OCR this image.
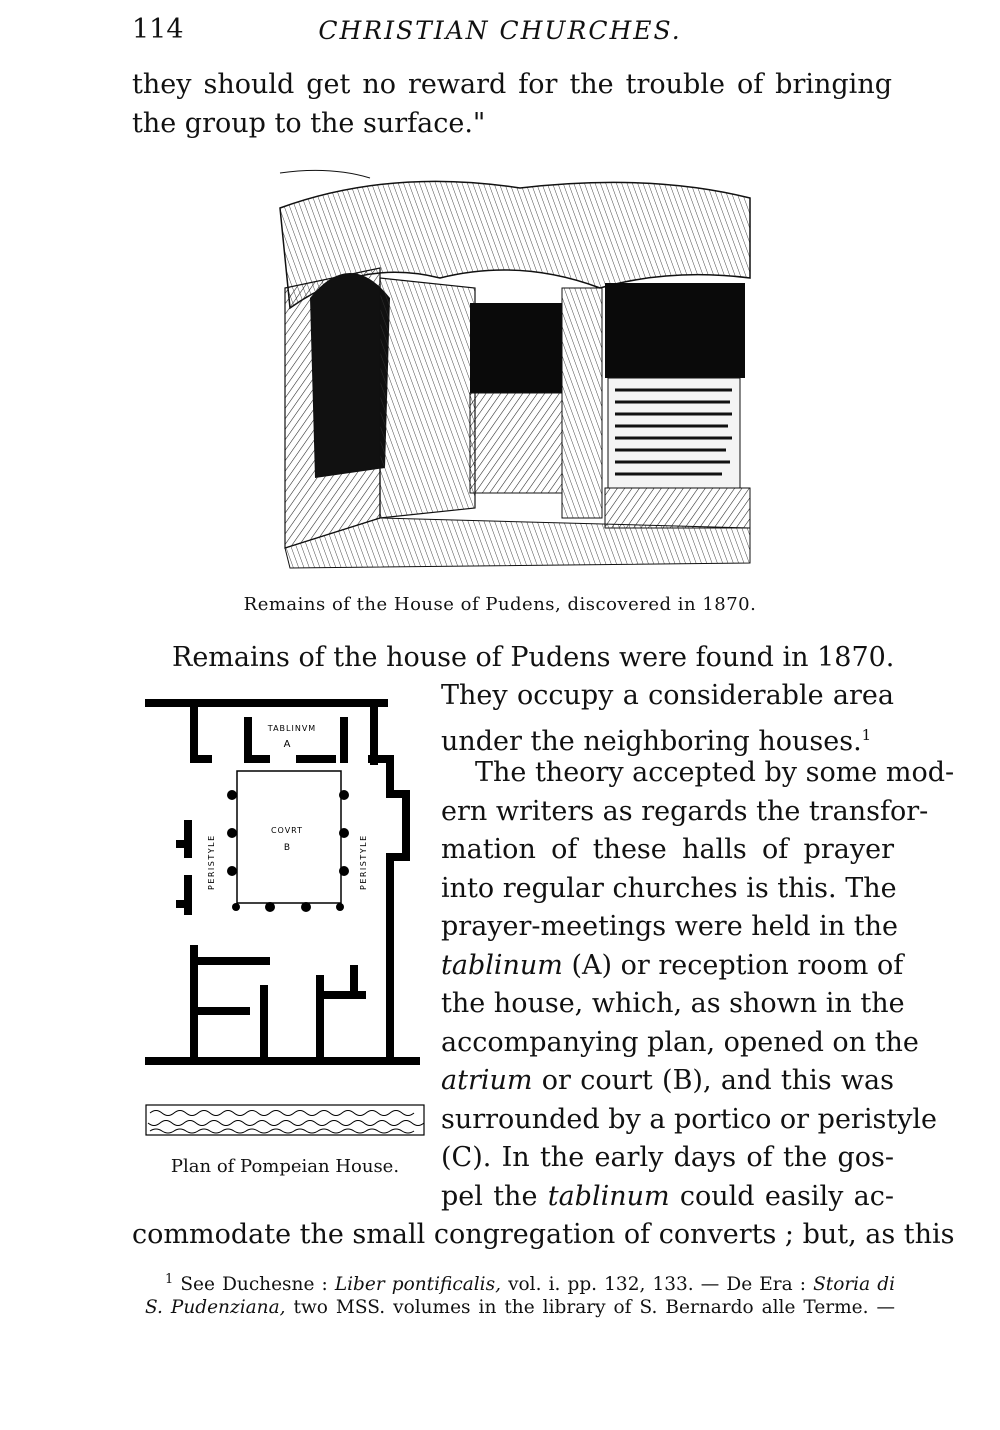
114	CHRISTIAN CHURCHES.
they should get no reward for the trouble of bringing the group to the surface."
Remains of the House of Pudens, discovered in 1870.
Remains of the house of Pudens were found in 1870.
TABLINVM
A
COVRT
B
PERISTYLE	PERISTYLE
Plan of Pompeian House.
They occupy a considerable area
under the neighboring houses.$^1$
The theory accepted by some mod-
ern writers as regards the transfor-
mation of these halls of prayer
into regular churches is this. The
prayer-meetings were held in the
tablinum (A) or reception room of
the house, which, as shown in the
accompanying plan, opened on the
atrium or court (B), and this was
surrounded by a portico or peristyle
(C). In the early days of the gos-
pel the tablinum could easily ac-
commodate the small congregation of converts ; but, as this
$^1$ See Duchesne : Liber pontificalis, vol. i. pp. 132, 133. — De Era : Storia di
S. Pudenziana, two MSS. volumes in the library of S. Bernardo alle Terme. —
